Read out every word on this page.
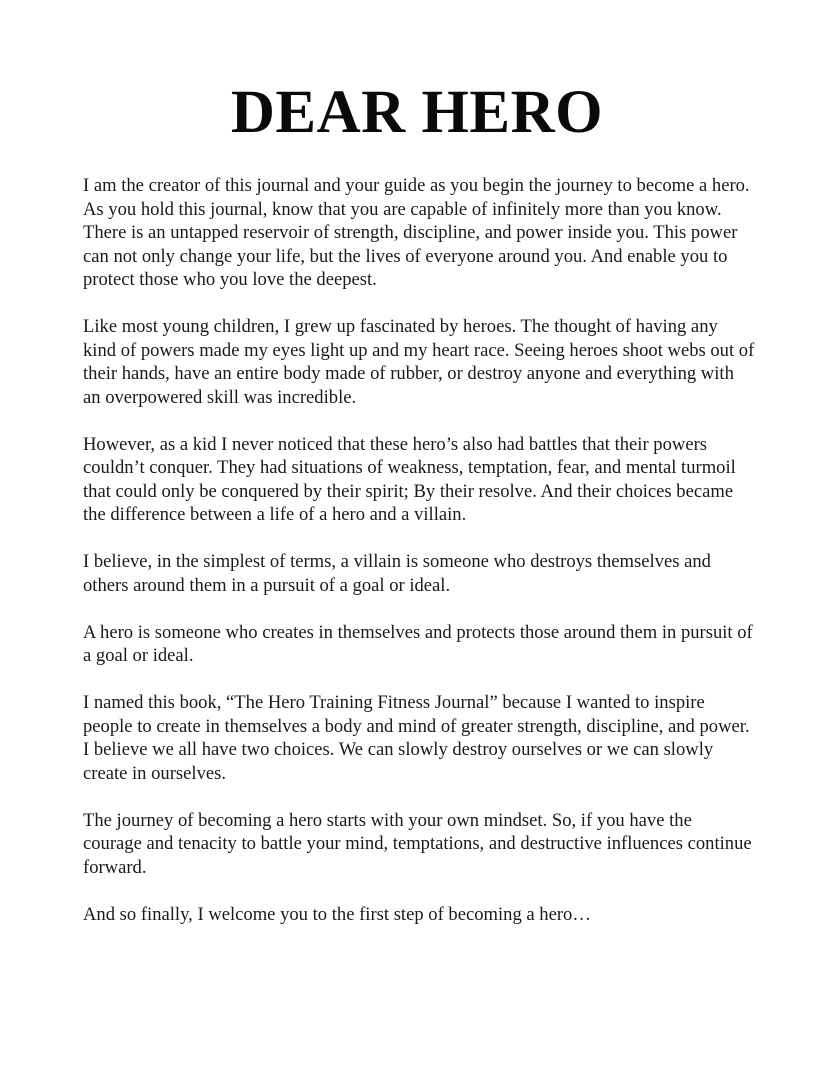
DEAR HERO

I am the creator of this journal and your guide as you begin the journey to become a hero. As you hold this journal, know that you are capable of infinitely more than you know. There is an untapped reservoir of strength, discipline, and power inside you. This power can not only change your life, but the lives of everyone around you. And enable you to protect those who you love the deepest.

Like most young children, I grew up fascinated by heroes. The thought of having any kind of powers made my eyes light up and my heart race. Seeing heroes shoot webs out of their hands, have an entire body made of rubber, or destroy anyone and everything with an overpowered skill was incredible.

However, as a kid I never noticed that these hero’s also had battles that their powers couldn’t conquer. They had situations of weakness, temptation, fear, and mental turmoil that could only be conquered by their spirit; By their resolve. And their choices became the difference between a life of a hero and a villain.

I believe, in the simplest of terms, a villain is someone who destroys themselves and others around them in a pursuit of a goal or ideal.

A hero is someone who creates in themselves and protects those around them in pursuit of a goal or ideal.

I named this book, “The Hero Training Fitness Journal” because I wanted to inspire people to create in themselves a body and mind of greater strength, discipline, and power. I believe we all have two choices. We can slowly destroy ourselves or we can slowly create in ourselves.

The journey of becoming a hero starts with your own mindset. So, if you have the courage and tenacity to battle your mind, temptations, and destructive influences continue forward.

And so finally, I welcome you to the first step of becoming a hero…
